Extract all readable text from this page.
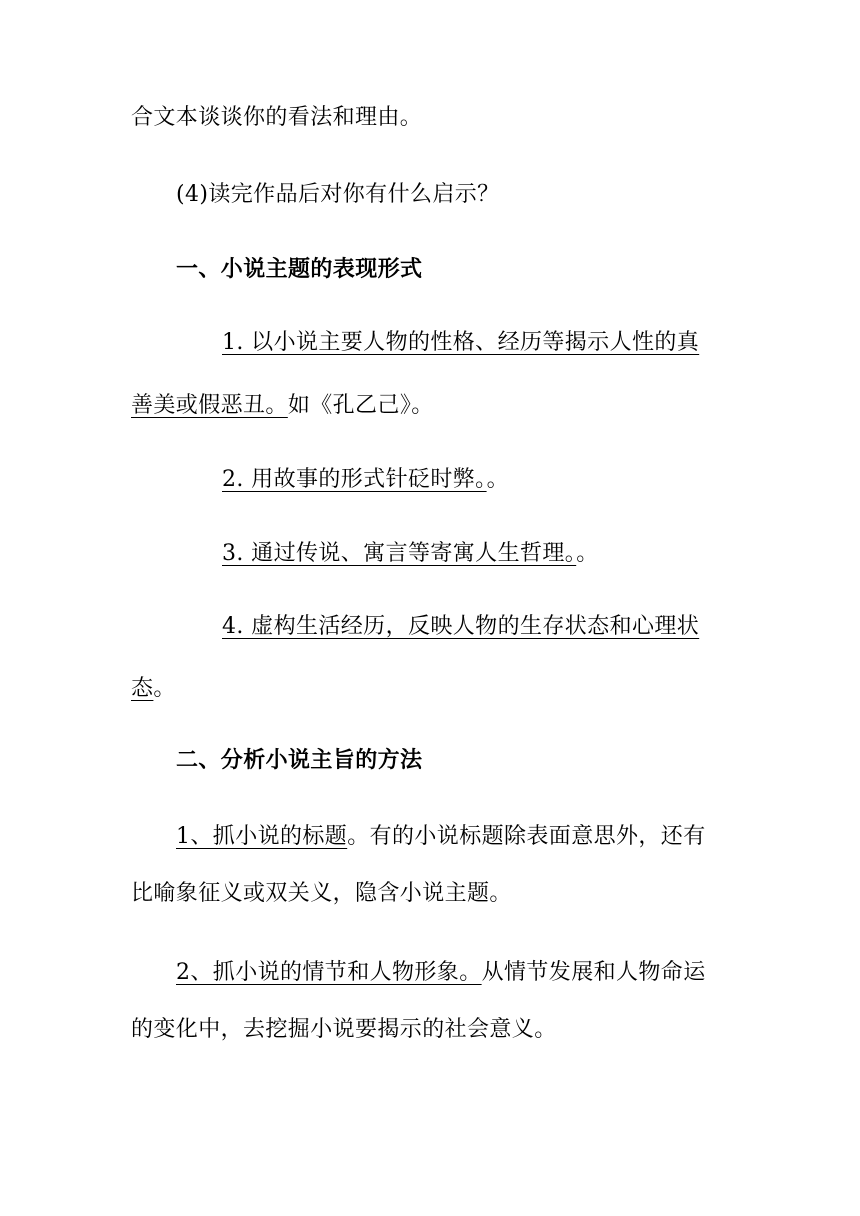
合文本谈谈你的看法和理由。
(4)读完作品后对你有什么启示？
一、小说主题的表现形式
1. 以小说主要人物的性格、经历等揭示人性的真
善美或假恶丑。如《孔乙己》。
2. 用故事的形式针砭时弊。。
3. 通过传说、寓言等寄寓人生哲理。。
4. 虚构生活经历，反映人物的生存状态和心理状
态。
二、分析小说主旨的方法
1、抓小说的标题。有的小说标题除表面意思外，还有
比喻象征义或双关义，隐含小说主题。
2、抓小说的情节和人物形象。从情节发展和人物命运
的变化中，去挖掘小说要揭示的社会意义。
